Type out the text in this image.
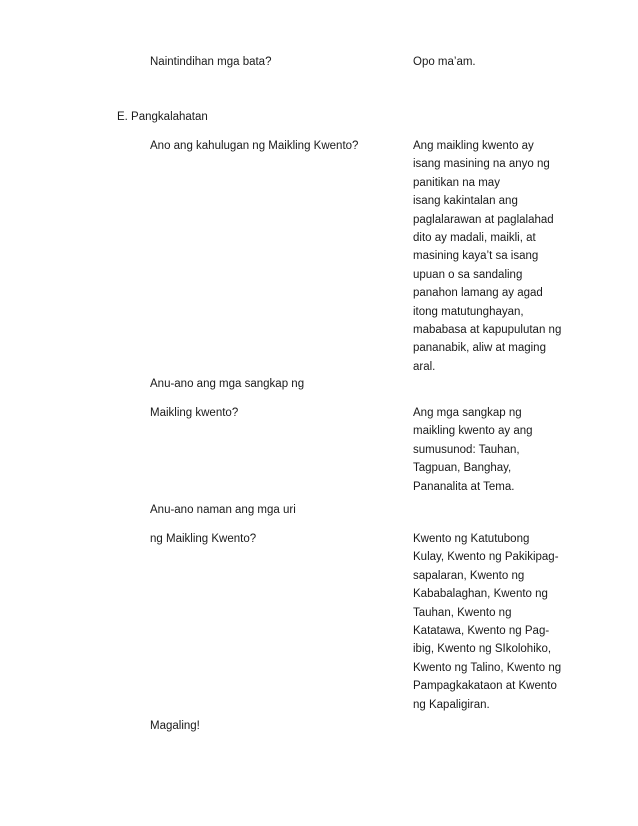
Naintindihan mga bata?	Opo ma’am.
E. Pangkalahatan
Ano ang kahulugan ng Maikling Kwento?	Ang maikling kwento ay
isang masining na anyo ng
panitikan na may
isang kakintalan ang
paglalarawan at paglalahad
dito ay madali, maikli, at
masining kaya’t sa isang
upuan o sa sandaling
panahon lamang ay agad
itong matutunghayan,
mababasa at kapupulutan ng
pananabik, aliw at maging
aral.
Anu-ano ang mga sangkap ng
Maikling kwento?	Ang mga sangkap ng
maikling kwento ay ang
sumusunod: Tauhan,
Tagpuan, Banghay,
Pananalita at Tema.
Anu-ano naman ang mga uri
ng Maikling Kwento?	Kwento ng Katutubong
Kulay, Kwento ng Pakikipag-
sapalaran, Kwento ng
Kababalaghan, Kwento ng
Tauhan, Kwento ng
Katatawa, Kwento ng Pag-
ibig, Kwento ng SIkolohiko,
Kwento ng Talino, Kwento ng
Pampagkakataon at Kwento
ng Kapaligiran.
Magaling!
